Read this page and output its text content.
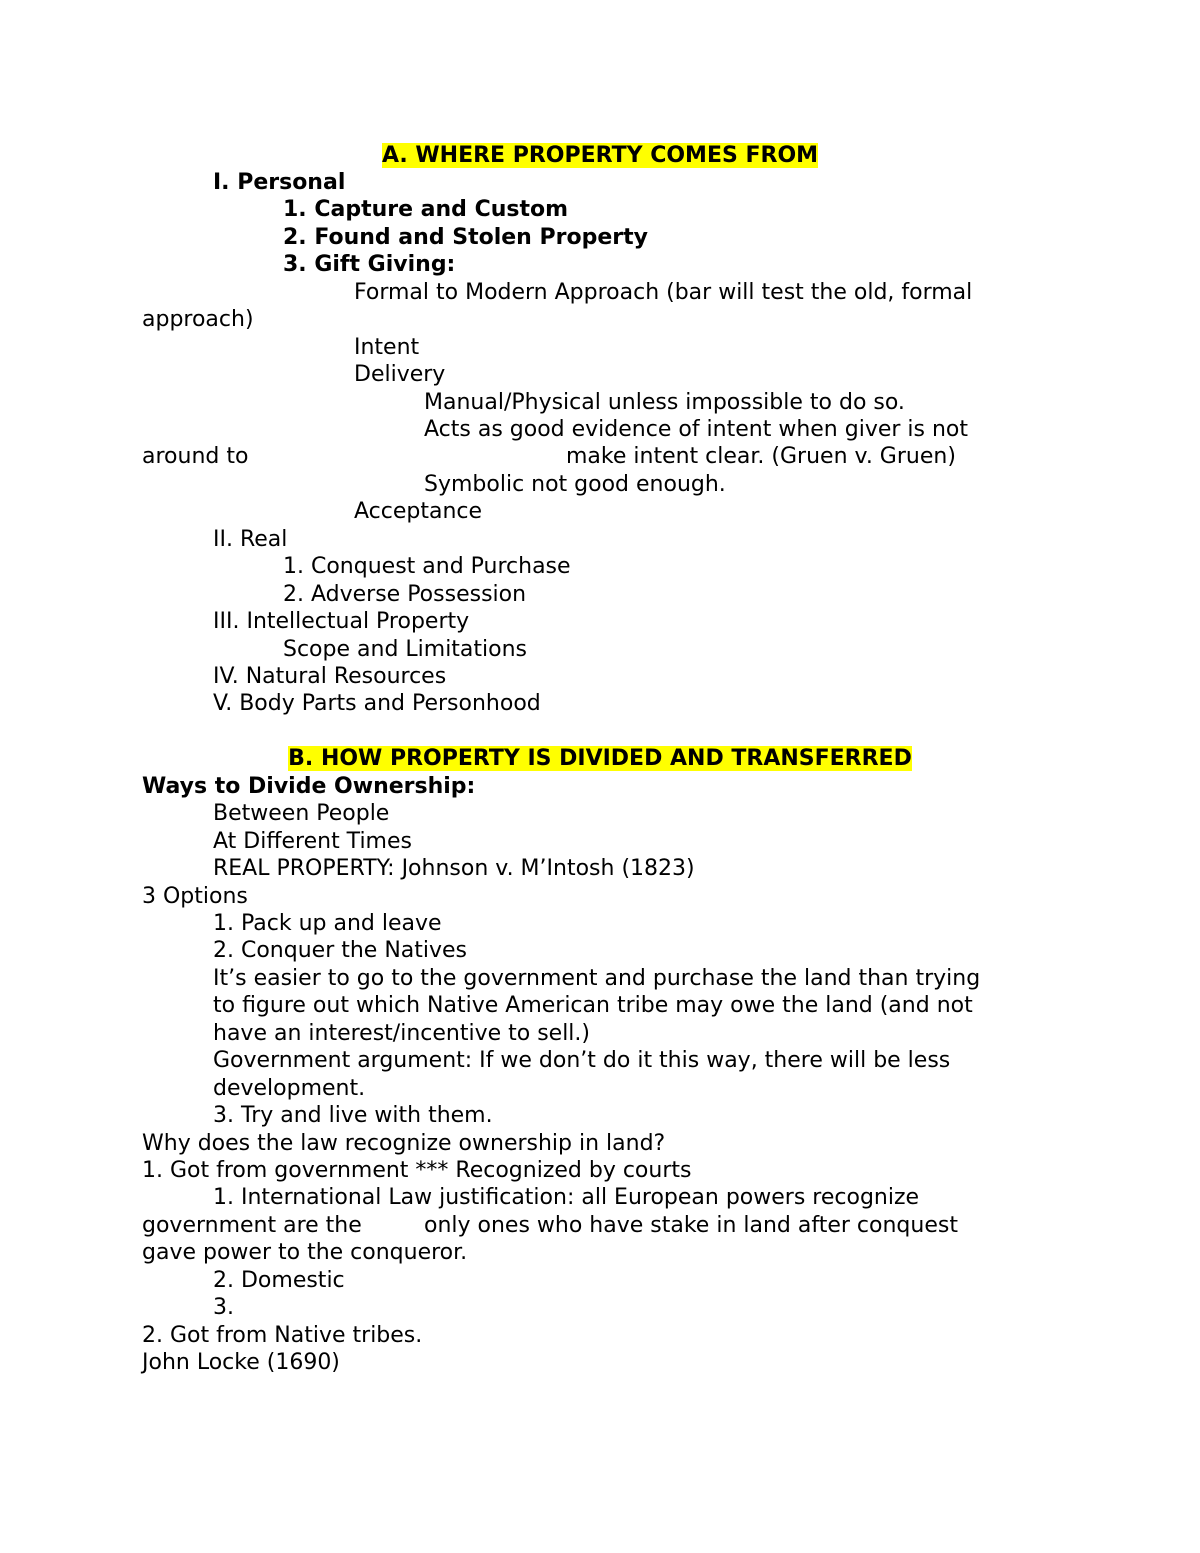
A. WHERE PROPERTY COMES FROM

I. Personal

1. Capture and Custom

2. Found and Stolen Property

3. Gift Giving:

Formal to Modern Approach (bar will test the old, formal

approach)

Intent

Delivery

Manual/Physical unless impossible to do so.

Acts as good evidence of intent when giver is not

around to	make intent clear. (Gruen v. Gruen)

Symbolic not good enough.

Acceptance

II. Real

1. Conquest and Purchase

2. Adverse Possession

III. Intellectual Property

Scope and Limitations

IV. Natural Resources

V. Body Parts and Personhood

B. HOW PROPERTY IS DIVIDED AND TRANSFERRED

Ways to Divide Ownership:

Between People

At Different Times

REAL PROPERTY: Johnson v. M’Intosh (1823)

3 Options

1. Pack up and leave

2. Conquer the Natives

It’s easier to go to the government and purchase the land than trying

to figure out which Native American tribe may owe the land (and not

have an interest/incentive to sell.)

Government argument: If we don’t do it this way, there will be less

development.

3. Try and live with them.

Why does the law recognize ownership in land?

1. Got from government *** Recognized by courts

1. International Law justification: all European powers recognize

government are the	only ones who have stake in land after conquest

gave power to the conqueror.

2. Domestic

3.

2. Got from Native tribes.

John Locke (1690)
